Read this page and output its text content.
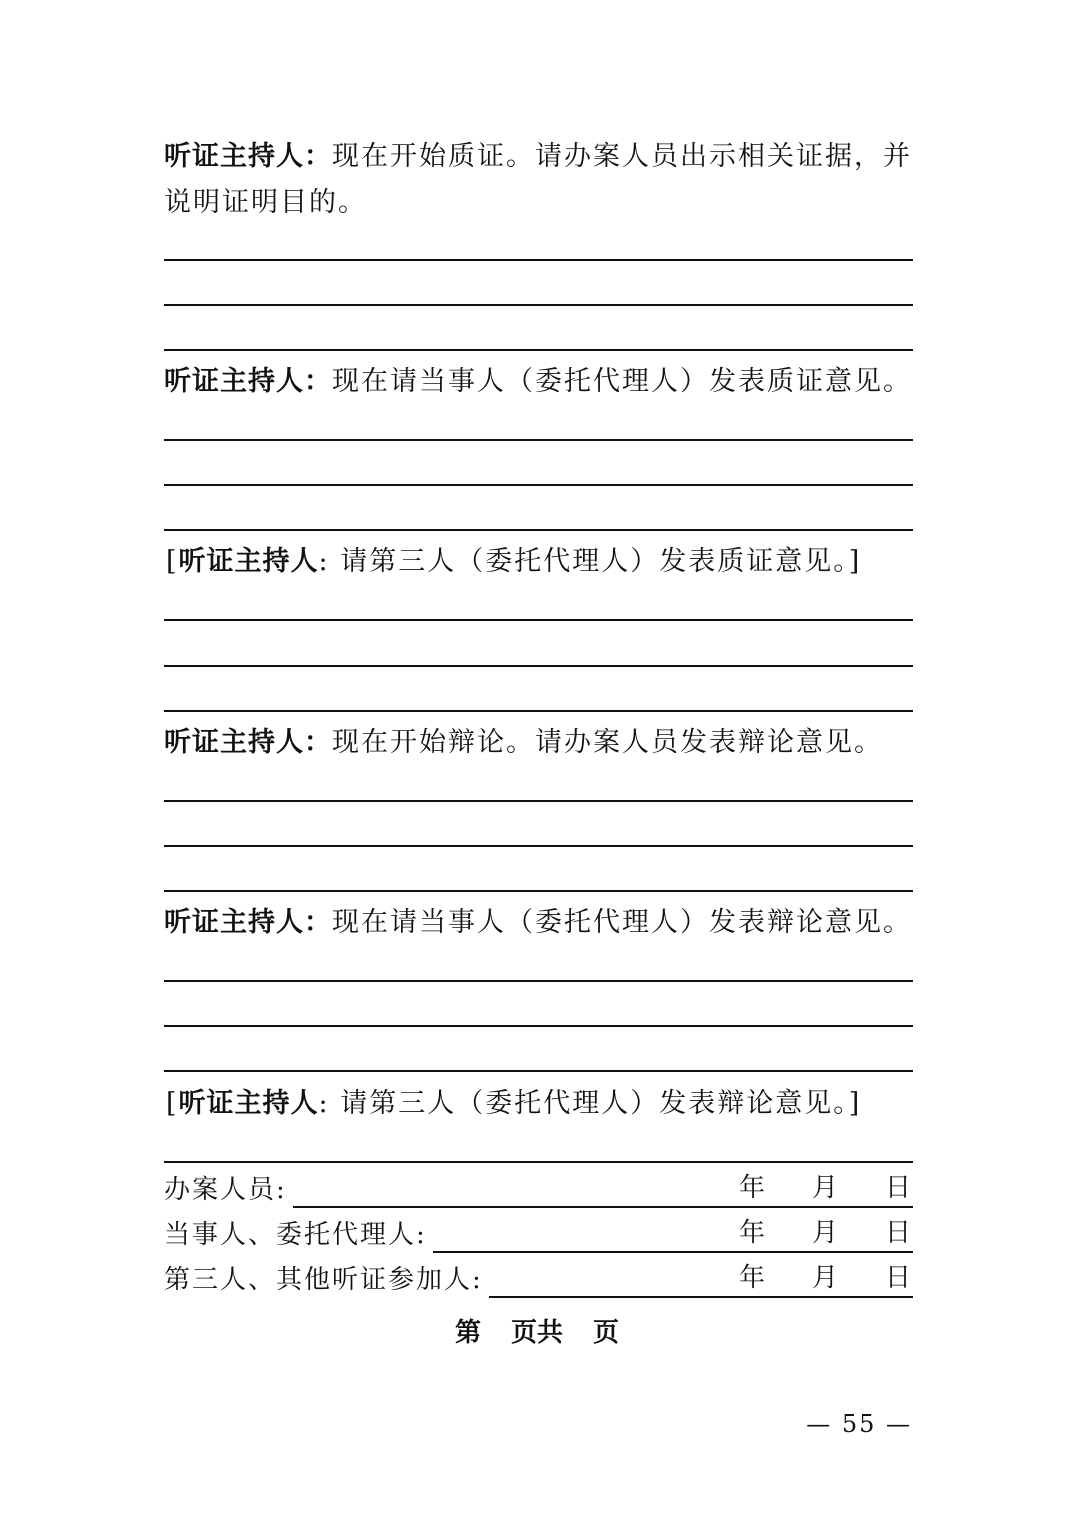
听证主持人：现在开始质证。请办案人员出示相关证据，并说明证明目的。

听证主持人：现在请当事人（委托代理人）发表质证意见。

[听证主持人: 请第三人（委托代理人）发表质证意见。]

听证主持人：现在开始辩论。请办案人员发表辩论意见。

听证主持人：现在请当事人（委托代理人）发表辩论意见。

[听证主持人: 请第三人（委托代理人）发表辩论意见。]

办案人员:	年	月	日
当事人、委托代理人:	年	月	日
第三人、其他听证参加人:	年	月	日
第 页共 页
— 55 —
